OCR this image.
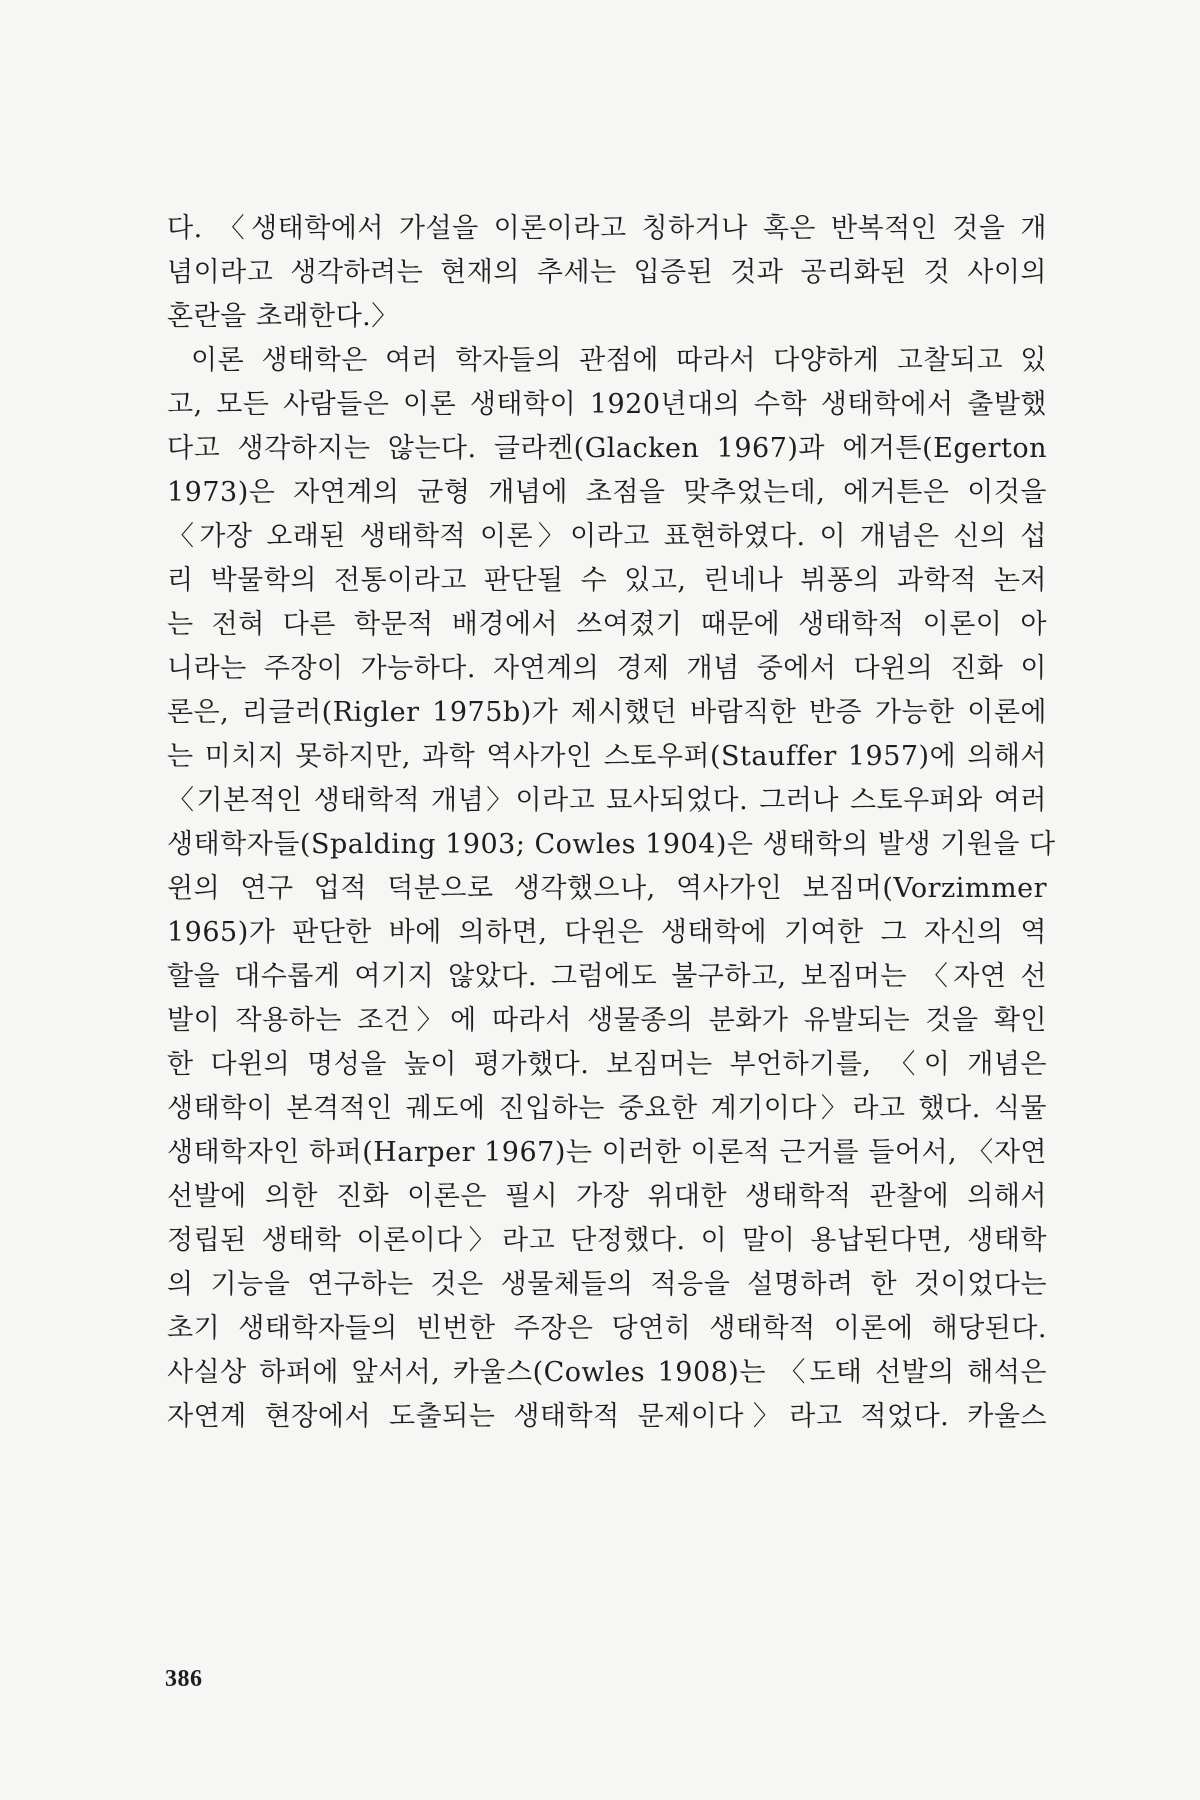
다. 〈생태학에서 가설을 이론이라고 칭하거나 혹은 반복적인 것을 개
념이라고 생각하려는 현재의 추세는 입증된 것과 공리화된 것 사이의
혼란을 초래한다.〉
이론 생태학은 여러 학자들의 관점에 따라서 다양하게 고찰되고 있
고, 모든 사람들은 이론 생태학이 1920년대의 수학 생태학에서 출발했
다고 생각하지는 않는다. 글라켄(Glacken 1967)과 에거튼(Egerton
1973)은 자연계의 균형 개념에 초점을 맞추었는데, 에거튼은 이것을
〈가장 오래된 생태학적 이론〉이라고 표현하였다. 이 개념은 신의 섭
리 박물학의 전통이라고 판단될 수 있고, 린네나 뷔퐁의 과학적 논저
는 전혀 다른 학문적 배경에서 쓰여졌기 때문에 생태학적 이론이 아
니라는 주장이 가능하다. 자연계의 경제 개념 중에서 다윈의 진화 이
론은, 리글러(Rigler 1975b)가 제시했던 바람직한 반증 가능한 이론에
는 미치지 못하지만, 과학 역사가인 스토우퍼(Stauffer 1957)에 의해서
〈기본적인 생태학적 개념〉이라고 묘사되었다. 그러나 스토우퍼와 여러
생태학자들(Spalding 1903; Cowles 1904)은 생태학의 발생 기원을 다
윈의 연구 업적 덕분으로 생각했으나, 역사가인 보짐머(Vorzimmer
1965)가 판단한 바에 의하면, 다윈은 생태학에 기여한 그 자신의 역
할을 대수롭게 여기지 않았다. 그럼에도 불구하고, 보짐머는 〈자연 선
발이 작용하는 조건〉에 따라서 생물종의 분화가 유발되는 것을 확인
한 다윈의 명성을 높이 평가했다. 보짐머는 부언하기를, 〈이 개념은
생태학이 본격적인 궤도에 진입하는 중요한 계기이다〉라고 했다. 식물
생태학자인 하퍼(Harper 1967)는 이러한 이론적 근거를 들어서, 〈자연
선발에 의한 진화 이론은 필시 가장 위대한 생태학적 관찰에 의해서
정립된 생태학 이론이다〉라고 단정했다. 이 말이 용납된다면, 생태학
의 기능을 연구하는 것은 생물체들의 적응을 설명하려 한 것이었다는
초기 생태학자들의 빈번한 주장은 당연히 생태학적 이론에 해당된다.
사실상 하퍼에 앞서서, 카울스(Cowles 1908)는 〈도태 선발의 해석은
자연계 현장에서 도출되는 생태학적 문제이다〉라고 적었다. 카울스
386
